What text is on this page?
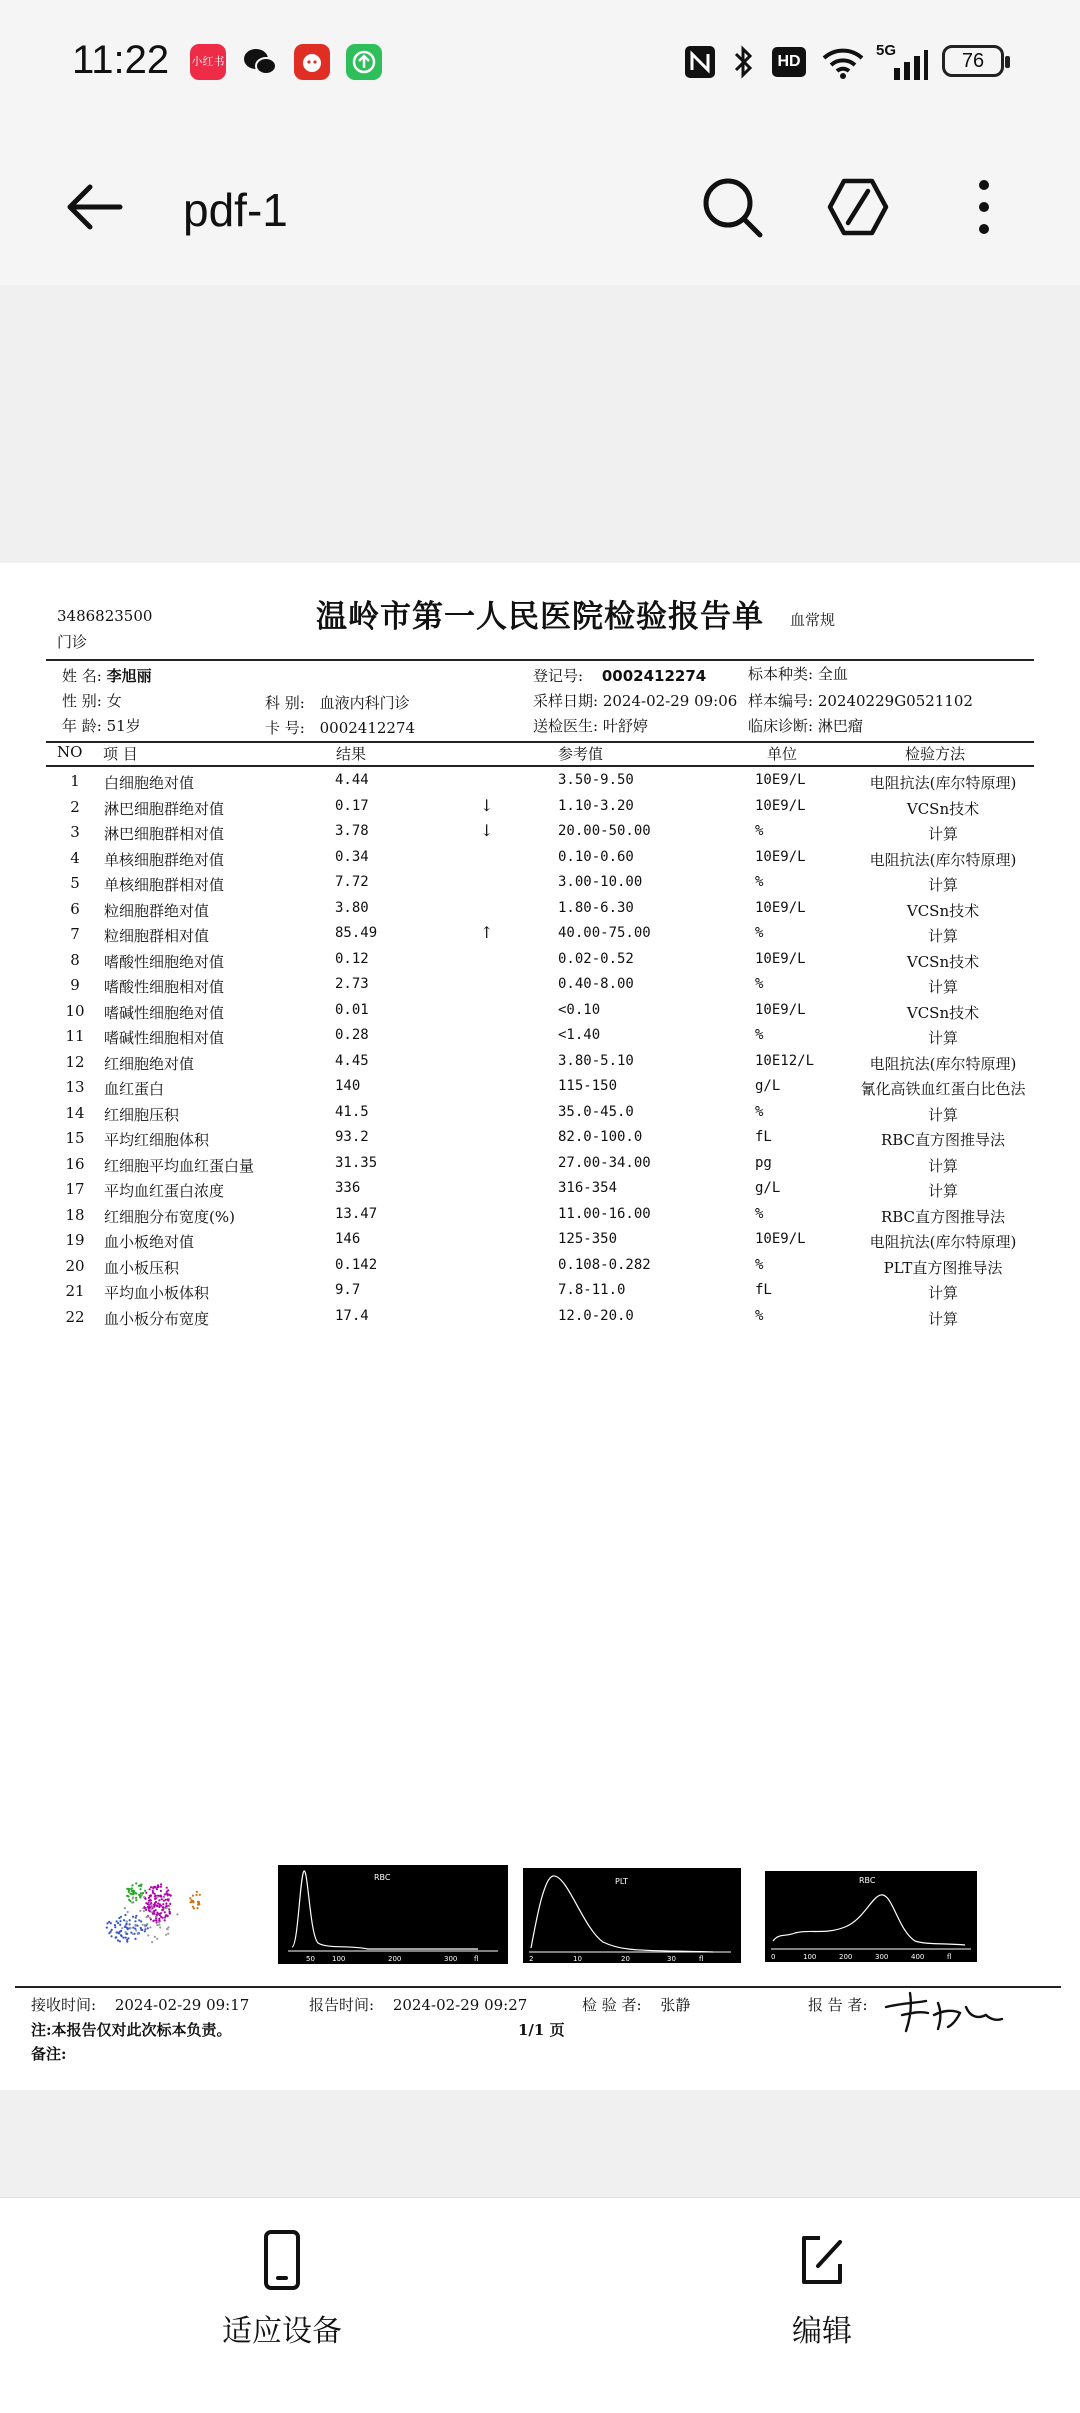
11:22 小红书	HD
5G	76
pdf-1
3486823500
门诊
温岭市第一人民医院检验报告单	血常规
姓 名: 李旭丽
性 别: 女
年 龄: 51岁
科 别: 血液内科门诊
卡 号: 0002412274
登记号: 0002412274
采样日期: 2024-02-29 09:06
送检医生: 叶舒婷
标本种类: 全血
样本编号: 20240229G0521102
临床诊断: 淋巴瘤
NO 项 目	结果	参考值	单位	检验方法
1	白细胞绝对值	4.44	3.50-9.50	10E9/L	电阻抗法(库尔特原理)
2	淋巴细胞群绝对值	0.17	↓	1.10-3.20	10E9/L	VCSn技术
3	淋巴细胞群相对值	3.78	↓	20.00-50.00	%	计算
4	单核细胞群绝对值	0.34	0.10-0.60	10E9/L	电阻抗法(库尔特原理)
5	单核细胞群相对值	7.72	3.00-10.00	%	计算
6	粒细胞群绝对值	3.80	1.80-6.30	10E9/L	VCSn技术
7	粒细胞群相对值	85.49	↑	40.00-75.00	%	计算
8	嗜酸性细胞绝对值	0.12	0.02-0.52	10E9/L	VCSn技术
9	嗜酸性细胞相对值	2.73	0.40-8.00	%	计算
10	嗜碱性细胞绝对值	0.01	<0.10	10E9/L	VCSn技术
11	嗜碱性细胞相对值	0.28	<1.40	%	计算
12	红细胞绝对值	4.45	3.80-5.10	10E12/L	电阻抗法(库尔特原理)
13	血红蛋白	140	115-150	g/L	氰化高铁血红蛋白比色法
14	红细胞压积	41.5	35.0-45.0	%	计算
15	平均红细胞体积	93.2	82.0-100.0	fL	RBC直方图推导法
16	红细胞平均血红蛋白量	31.35	27.00-34.00	pg	计算
17	平均血红蛋白浓度	336	316-354	g/L	计算
18	红细胞分布宽度(%)	13.47	11.00-16.00	%	RBC直方图推导法
19	血小板绝对值	146	125-350	10E9/L	电阻抗法(库尔特原理)
20	血小板压积	0.142	0.108-0.282	%	PLT直方图推导法
21	平均血小板体积	9.7	7.8-11.0	fL	计算
22	血小板分布宽度	17.4	12.0-20.0	%	计算
RBC
50 100	200	300 fl
PLT
2	10	20	30	fl
RBC
0	100	200	300	400	fl
接收时间: 2024-02-29 09:17	报告时间: 2024-02-29 09:27	检 验 者: 张静	报 告 者:
注:本报告仅对此次标本负责。	1/1 页
备注:
适应设备	编辑
